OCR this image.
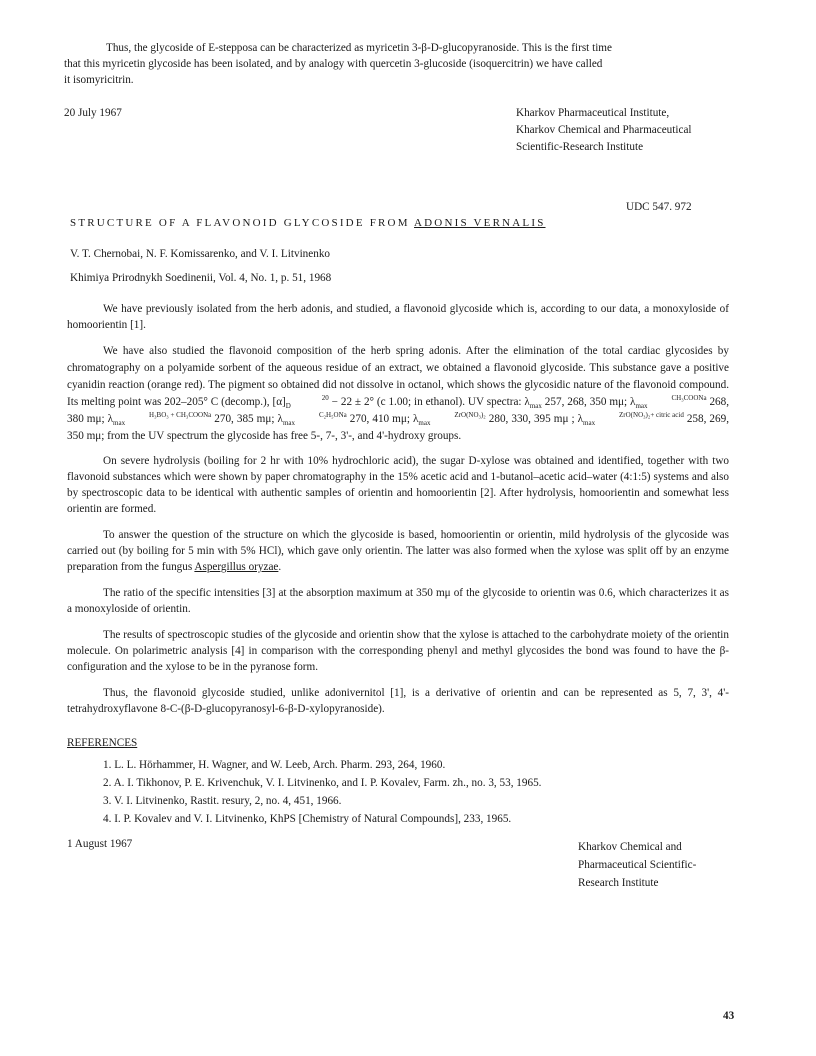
Thus, the glycoside of E-stepposa can be characterized as myricetin 3-β-D-glucopyranoside. This is the first time
that this myricetin glycoside has been isolated, and by analogy with quercetin 3-glucoside (isoquercitrin) we have called
it isomyricitrin.
20 July 1967	Kharkov Pharmaceutical Institute,
Kharkov Chemical and Pharmaceutical
Scientific-Research Institute
UDC 547. 972
STRUCTURE OF A FLAVONOID GLYCOSIDE FROM ADONIS VERNALIS
V. T. Chernobai, N. F. Komissarenko, and V. I. Litvinenko
Khimiya Prirodnykh Soedinenii, Vol. 4, No. 1, p. 51, 1968

We have previously isolated from the herb adonis, and studied, a flavonoid glycoside which is, according to our data, a monoxyloside of homoorientin [1].

We have also studied the flavonoid composition of the herb spring adonis. After the elimination of the total cardiac glycosides by chromatography on a polyamide sorbent of the aqueous residue of an extract, we obtained a flavonoid glycoside. This substance gave a positive cyanidin reaction (orange red). The pigment so obtained did not dissolve in octanol, which shows the glycosidic nature of the flavonoid compound. Its melting point was 202–205° C (decomp.), [α]	20
D	− 22 ± 2° (c 1.00; in ethanol). UV spectra: $\lambda_{max}$ 257, 268, 350 mμ; λ	CH₃COONa
max	268, 380 mμ; λ	H₃BO₃ + CH₃COONa
max	270, 385 mμ; λ	C₂H₅ONa
max	270, 410 mμ; λ	ZrO(NO₃)₂
max	280, 330, 395 mμ ; λ	ZrO(NO₃)₂+ citric acid
max	258, 269, 350 mμ; from the UV spectrum the glycoside has free 5-, 7-, 3'-, and 4'-hydroxy groups.

On severe hydrolysis (boiling for 2 hr with 10% hydrochloric acid), the sugar D-xylose was obtained and identified, together with two flavonoid substances which were shown by paper chromatography in the 15% acetic acid and 1-butanol–acetic acid–water (4:1:5) systems and also by spectroscopic data to be identical with authentic samples of orientin and homoorientin [2]. After hydrolysis, homoorientin and somewhat less orientin are formed.

To answer the question of the structure on which the glycoside is based, homoorientin or orientin, mild hydrolysis of the glycoside was carried out (by boiling for 5 min with 5% HCl), which gave only orientin. The latter was also formed when the xylose was split off by an enzyme preparation from the fungus Aspergillus oryzae.

The ratio of the specific intensities [3] at the absorption maximum at 350 mμ of the glycoside to orientin was 0.6, which characterizes it as a monoxyloside of orientin.

The results of spectroscopic studies of the glycoside and orientin show that the xylose is attached to the carbohydrate moiety of the orientin molecule. On polarimetric analysis [4] in comparison with the corresponding phenyl and methyl glycosides the bond was found to have the β-configuration and the xylose to be in the pyranose form.

Thus, the flavonoid glycoside studied, unlike adonivernitol [1], is a derivative of orientin and can be represented as 5, 7, 3', 4'-tetrahydroxyflavone 8-C-(β-D-glucopyranosyl-6-β-D-xylopyranoside).

REFERENCES
1. L. L. Hörhammer, H. Wagner, and W. Leeb, Arch. Pharm. 293, 264, 1960.
2. A. I. Tikhonov, P. E. Krivenchuk, V. I. Litvinenko, and I. P. Kovalev, Farm. zh., no. 3, 53, 1965.
3. V. I. Litvinenko, Rastit. resury, 2, no. 4, 451, 1966.
4. I. P. Kovalev and V. I. Litvinenko, KhPS [Chemistry of Natural Compounds], 233, 1965.
1 August 1967	Kharkov Chemical and
Pharmaceutical Scientific-
Research Institute
43
